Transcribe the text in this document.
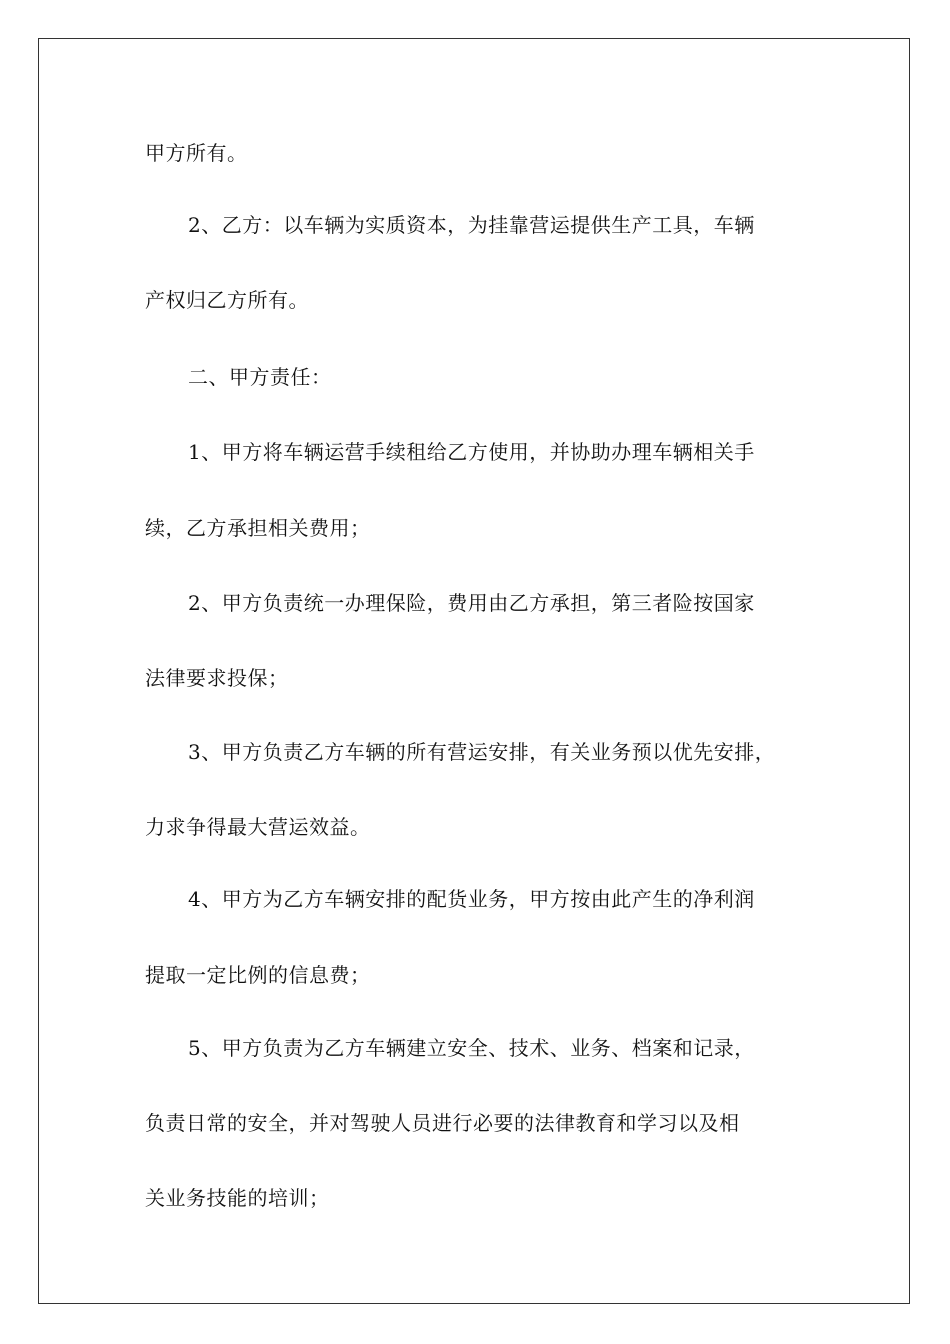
甲方所有。
2、乙方：以车辆为实质资本，为挂靠营运提供生产工具，车辆
产权归乙方所有。
二、甲方责任：
1、甲方将车辆运营手续租给乙方使用，并协助办理车辆相关手
续，乙方承担相关费用；
2、甲方负责统一办理保险，费用由乙方承担，第三者险按国家
法律要求投保；
3、甲方负责乙方车辆的所有营运安排，有关业务预以优先安排，
力求争得最大营运效益。
4、甲方为乙方车辆安排的配货业务，甲方按由此产生的净利润
提取一定比例的信息费；
5、甲方负责为乙方车辆建立安全、技术、业务、档案和记录，
负责日常的安全，并对驾驶人员进行必要的法律教育和学习以及相
关业务技能的培训；
